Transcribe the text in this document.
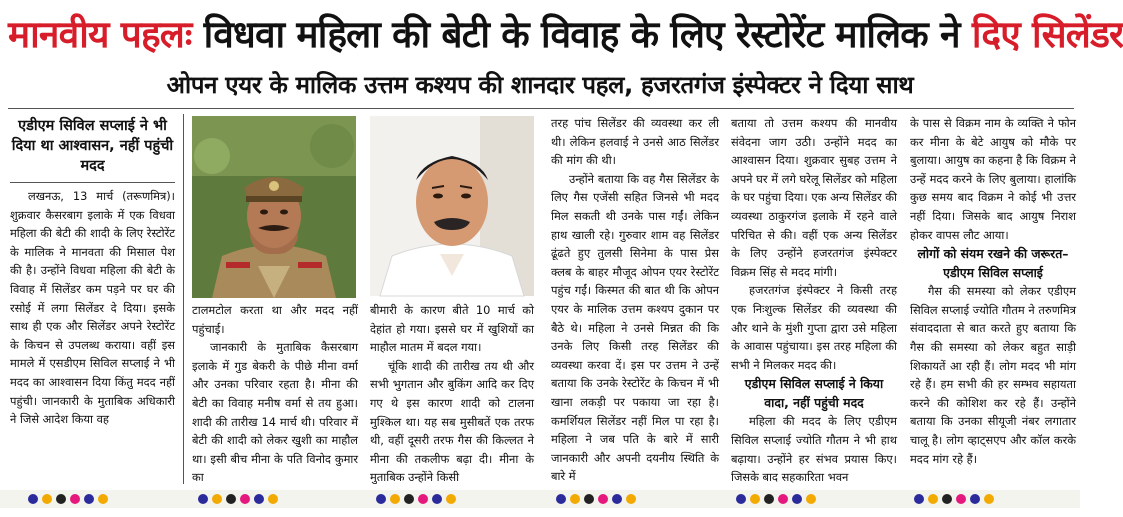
मानवीय पहलः विधवा महिला की बेटी के विवाह के लिए रेस्टोरेंट मालिक ने दिए सिलेंडर
ओपन एयर के मालिक उत्तम कश्यप की शानदार पहल, हजरतगंज इंस्पेक्टर ने दिया साथ
एडीएम सिविल सप्लाई ने भी दिया था आश्वासन, नहीं पहुंची मदद

लखनऊ, 13 मार्च (तरूणमित्र)। शुक्रवार कैसरबाग इलाके में एक विधवा महिला की बेटी की शादी के लिए रेस्टोरेंट के मालिक ने मानवता की मिसाल पेश की है। उन्होंने विधवा महिला की बेटी के विवाह में सिलेंडर कम पड़ने पर घर की रसोई में लगा सिलेंडर दे दिया। इसके साथ ही एक और सिलेंडर अपने रेस्टोरेंट के किचन से उपलब्ध कराया। वहीं इस मामले में एसडीएम सिविल सप्लाई ने भी मदद का आश्वासन दिया किंतु मदद नहीं पहुंची। जानकारी के मुताबिक अधिकारी ने जिसे आदेश किया वह

टालमटोल करता था और मदद नहीं पहुंचाई।

जानकारी के मुताबिक कैसरबाग इलाके में गुड बेकरी के पीछे मीना वर्मा और उनका परिवार रहता है। मीना की बेटी का विवाह मनीष वर्मा से तय हुआ। शादी की तारीख 14 मार्च थी। परिवार में बेटी की शादी को लेकर खुशी का माहौल था। इसी बीच मीना के पति विनोद कुमार का

बीमारी के कारण बीते 10 मार्च को देहांत हो गया। इससे घर में खुशियों का माहौल मातम में बदल गया।

चूंकि शादी की तारीख तय थी और सभी भुगतान और बुकिंग आदि कर दिए गए थे इस कारण शादी को टालना मुश्किल था। यह सब मुसीबतें एक तरफ थी, वहीं दूसरी तरफ गैस की किल्लत ने मीना की तकलीफ बढ़ा दी। मीना के मुताबिक उन्होंने किसी

तरह पांच सिलेंडर की व्यवस्था कर ली थी। लेकिन हलवाई ने उनसे आठ सिलेंडर की मांग की थी।

उन्होंने बताया कि वह गैस सिलेंडर के लिए गैस एजेंसी सहित जिनसे भी मदद मिल सकती थी उनके पास गईं। लेकिन हाथ खाली रहे। गुरुवार शाम वह सिलेंडर ढूंढते हुए तुलसी सिनेमा के पास प्रेस क्लब के बाहर मौजूद ओपन एयर रेस्टोरेंट पहुंच गईं। किस्मत की बात थी कि ओपन एयर के मालिक उत्तम कश्यप दुकान पर बैठे थे। महिला ने उनसे मिन्नत की कि उनके लिए किसी तरह सिलेंडर की व्यवस्था करवा दें। इस पर उत्तम ने उन्हें बताया कि उनके रेस्टोरेंट के किचन में भी खाना लकड़ी पर पकाया जा रहा है। कमर्शियल सिलेंडर नहीं मिल पा रहा है। महिला ने जब पति के बारे में सारी जानकारी और अपनी दयनीय स्थिति के बारे में

बताया तो उत्तम कश्यप की मानवीय संवेदना जाग उठी। उन्होंने मदद का आश्वासन दिया। शुक्रवार सुबह उत्तम ने अपने घर में लगे घरेलू सिलेंडर को महिला के घर पहुंचा दिया। एक अन्य सिलेंडर की व्यवस्था ठाकुरगंज इलाके में रहने वाले परिचित से की। वहीं एक अन्य सिलेंडर के लिए उन्होंने हजरतगंज इंस्पेक्टर विक्रम सिंह से मदद मांगी।

हजरतगंज इंस्पेक्टर ने किसी तरह एक निःशुल्क सिलेंडर की व्यवस्था की और थाने के मुंशी गुप्ता द्वारा उसे महिला के आवास पहुंचाया। इस तरह महिला की सभी ने मिलकर मदद की।

एडीएम सिविल सप्लाई ने किया वादा, नहीं पहुंची मदद

महिला की मदद के लिए एडीएम सिविल सप्लाई ज्योति गौतम ने भी हाथ बढ़ाया। उन्होंने हर संभव प्रयास किए। जिसके बाद सहकारिता भवन

के पास से विक्रम नाम के व्यक्ति ने फोन कर मीना के बेटे आयुष को मौके पर बुलाया। आयुष का कहना है कि विक्रम ने उन्हें मदद करने के लिए बुलाया। हालांकि कुछ समय बाद विक्रम ने कोई भी उत्तर नहीं दिया। जिसके बाद आयुष निराश होकर वापस लौट आया।

लोगों को संयम रखने की जरूरत–एडीएम सिविल सप्लाई

गैस की समस्या को लेकर एडीएम सिविल सप्लाई ज्योति गौतम ने तरुणमित्र संवाददाता से बात करते हुए बताया कि गैस की समस्या को लेकर बहुत साड़ी शिकायतें आ रही हैं। लोग मदद भी मांग रहे हैं। हम सभी की हर सम्भव सहायता करने की कोशिश कर रहे हैं। उन्होंने बताया कि उनका सीयूजी नंबर लगातार चालू है। लोग व्हाट्सएप और कॉल करके मदद मांग रहे हैं।
